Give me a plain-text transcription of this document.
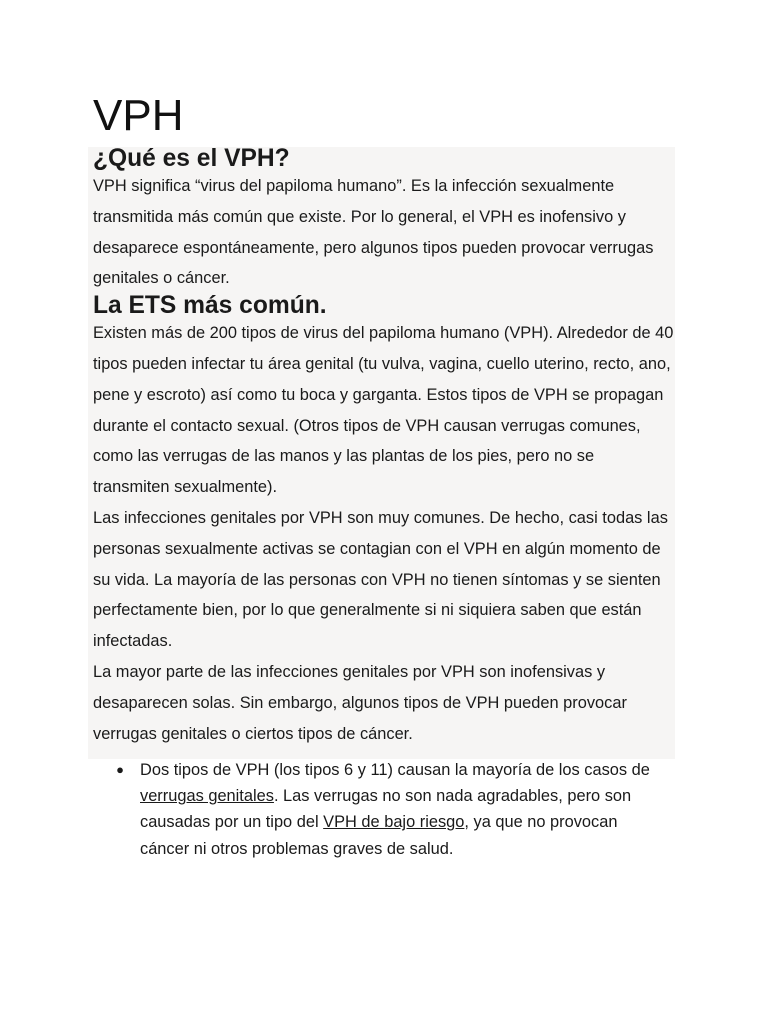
VPH
¿Qué es el VPH?

VPH significa “virus del papiloma humano”. Es la infección sexualmente transmitida más común que existe. Por lo general, el VPH es inofensivo y desaparece espontáneamente, pero algunos tipos pueden provocar verrugas genitales o cáncer.

La ETS más común.

Existen más de 200 tipos de virus del papiloma humano (VPH). Alrededor de 40 tipos pueden infectar tu área genital (tu vulva, vagina, cuello uterino, recto, ano, pene y escroto) así como tu boca y garganta. Estos tipos de VPH se propagan durante el contacto sexual. (Otros tipos de VPH causan verrugas comunes, como las verrugas de las manos y las plantas de los pies, pero no se transmiten sexualmente).

Las infecciones genitales por VPH son muy comunes. De hecho, casi todas las personas sexualmente activas se contagian con el VPH en algún momento de su vida. La mayoría de las personas con VPH no tienen síntomas y se sienten perfectamente bien, por lo que generalmente si ni siquiera saben que están infectadas.

La mayor parte de las infecciones genitales por VPH son inofensivas y desaparecen solas. Sin embargo, algunos tipos de VPH pueden provocar verrugas genitales o ciertos tipos de cáncer.

● Dos tipos de VPH (los tipos 6 y 11) causan la mayoría de los casos de verrugas genitales. Las verrugas no son nada agradables, pero son causadas por un tipo del VPH de bajo riesgo, ya que no provocan cáncer ni otros problemas graves de salud.
